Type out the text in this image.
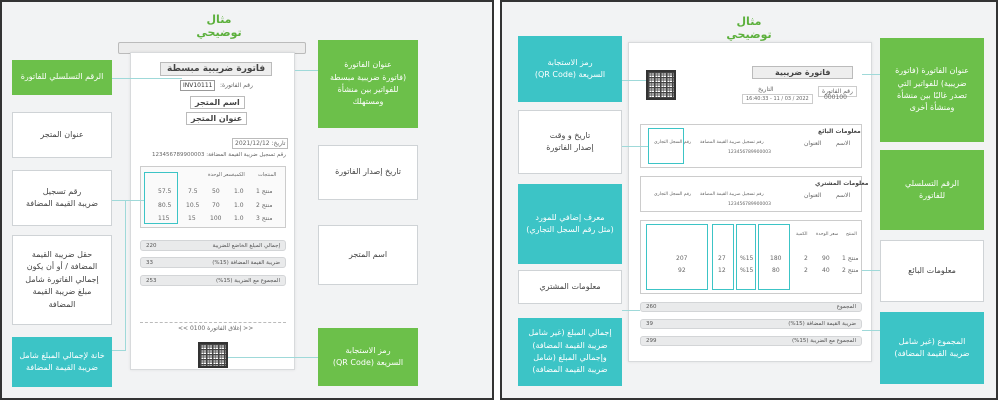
مثال
توضيحي
فاتورة ضريبية مبسطة
رقم الفاتورة:
INV10111
اسم المتجر
عنوان المتجر
تاريخ: 2021/12/12
رقم تسجيل ضريبة القيمة المضافة: 123456789900003
المنتجات
الكمية
سعر الوحدة
منتج 1
1.0
50
7.5
57.5
منتج 2
1.0
70
10.5
80.5
منتج 3
1.0
100
15
115
إجمالي المبلغ الخاضع للضريبة
220
ضريبة القيمة المضافة (15%)
33
المجموع مع الضريبة (15%)
253
<< إغلاق الفاتورة 0100 >>
الرقم التسلسلي للفاتورة
عنوان المتجر
رقم تسجيل
ضريبة القيمة المضافة
حقل ضريبة القيمة
المضافة / أو أن يكون
إجمالي الفاتورة شامل
مبلغ ضريبة القيمة المضافة
خانة لإجمالي المبلغ شامل
ضريبة القيمة المضافة
عنوان الفاتورة
(فاتورة ضريبية مبسطة
للفواتير بين منشأة
ومستهلك
تاريخ إصدار الفاتورة
اسم المتجر
رمز الاستجابة
السريعة (QR Code)
مثال
توضيحي
فاتورة ضريبية
التاريخ
2022 / 03 / 11 - 16:40:33
رقم الفاتورة
000100
معلومات البائع
الاسم
العنوان
رقم تسجيل ضريبة القيمة المضافة
رقم السجل التجاري
123456789900003
معلومات المشتري
الاسم
العنوان
رقم تسجيل ضريبة القيمة المضافة
رقم السجل التجاري
123456789900003
المنتج
سعر الوحدة
الكمية
منتج 1
90
2
180
%15
27
207
منتج 2
40
2
80
%15
12
92
المجموع
260
ضريبة القيمة المضافة (15%)
39
المجموع مع الضريبة (15%)
299
رمز الاستجابة
السريعة (QR Code)
تاريخ و وقت
إصدار الفاتورة
معرف إضافي للمورد
(مثل رقم السجل التجاري)
معلومات المشتري
إجمالي المبلغ (غير شامل
ضريبة القيمة المضافة)
وإجمالي المبلغ (شامل
ضريبة القيمة المضافة)
عنوان الفاتورة (فاتورة
ضريبية) للفواتير التي
تصدر غالبًا بين منشأة
ومنشأة أخرى
الرقم التسلسلي
للفاتورة
معلومات البائع
المجموع (غير شامل
ضريبة القيمة المضافة)
